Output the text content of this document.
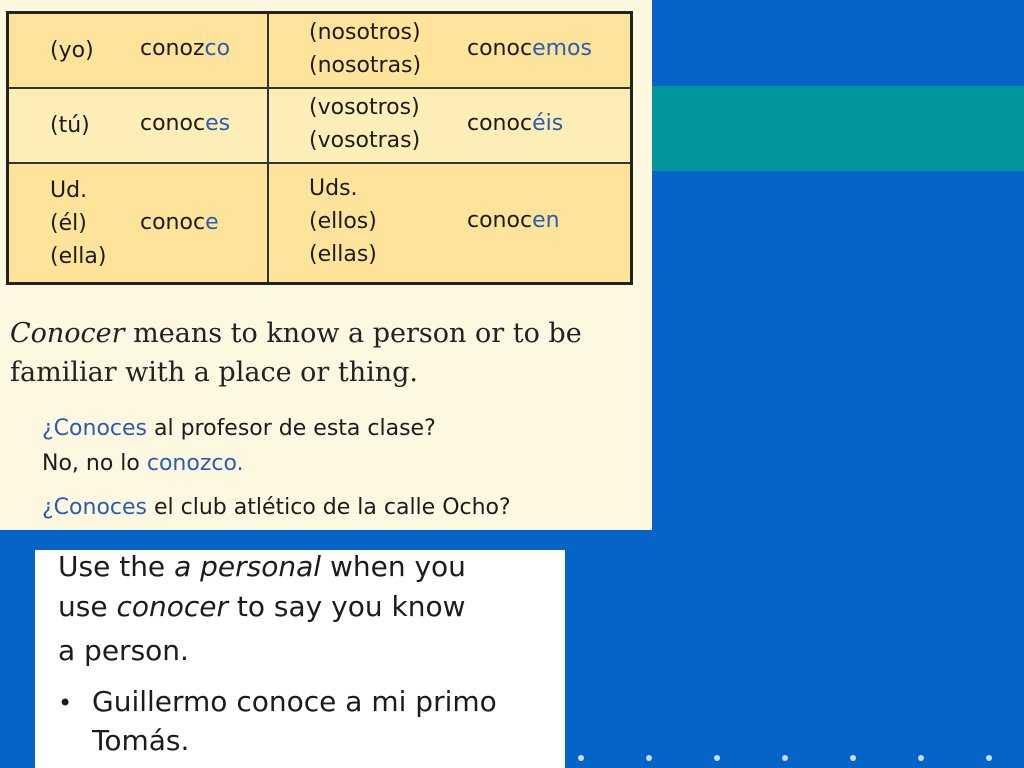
(yo) conozco
(nosotros)
(nosotras)
conocemos
(tú) conoces
(vosotros)
(vosotras)
conocéis
Ud.
(él)
(ella)
conoce
Uds.
(ellos)
(ellas)
conocen
Conocer means to know a person or to be familiar with a place or thing.
¿Conoces al profesor de esta clase?
No, no lo conozco.
¿Conoces el club atlético de la calle Ocho?
Use the a personal when you
use conocer to say you know
a person.
• Guillermo conoce a mi primo
Tomás.
